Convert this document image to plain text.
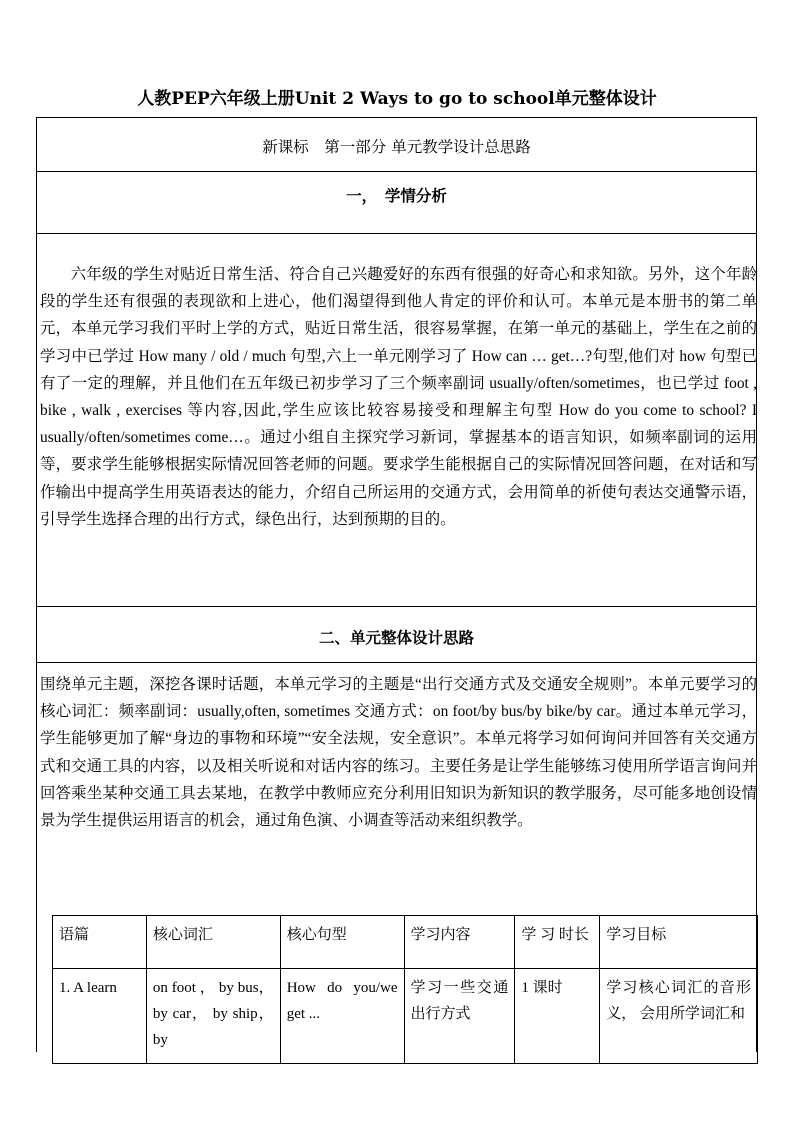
人教PEP六年级上册Unit 2 Ways to go to school单元整体设计
新课标　第一部分 单元教学设计总思路
一，　学情分析

六年级的学生对贴近日常生活、符合自己兴趣爱好的东西有很强的好奇心和求知欲。另外，这个年龄段的学生还有很强的表现欲和上进心，他们渴望得到他人肯定的评价和认可。本单元是本册书的第二单元，本单元学习我们平时上学的方式，贴近日常生活，很容易掌握，在第一单元的基础上，学生在之前的学习中已学过 How many / old / much 句型,六上一单元刚学习了 How can … get…?句型,他们对 how 句型已有了一定的理解，并且他们在五年级已初步学习了三个频率副词 usually/often/sometimes，也已学过 foot , bike , walk , exercises 等内容,因此,学生应该比较容易接受和理解主句型 How do you come to school? I usually/often/sometimes come…。通过小组自主探究学习新词，掌握基本的语言知识，如频率副词的运用等，要求学生能够根据实际情况回答老师的问题。要求学生能根据自己的实际情况回答问题，在对话和写作输出中提高学生用英语表达的能力，介绍自己所运用的交通方式，会用简单的祈使句表达交通警示语，引导学生选择合理的出行方式，绿色出行，达到预期的目的。

二、单元整体设计思路

围绕单元主题，深挖各课时话题，本单元学习的主题是“出行交通方式及交通安全规则”。本单元要学习的核心词汇：频率副词：usually,often, sometimes 交通方式：on foot/by bus/by bike/by car。通过本单元学习，学生能够更加了解“身边的事物和环境”“安全法规，安全意识”。本单元将学习如何询问并回答有关交通方式和交通工具的内容，以及相关听说和对话内容的练习。主要任务是让学生能够练习使用所学语言询问并回答乘坐某种交通工具去某地，在教学中教师应充分利用旧知识为新知识的教学服务，尽可能多地创设情景为学生提供运用语言的机会，通过角色演、小调查等活动来组织教学。

语篇	核心词汇	核心句型	学习内容	学 习 时长	学习目标
1. A learn	on foot ， by bus， by car， by ship， by	How do you/we get ...	学习一些交通出行方式	1 课时	学习核心词汇的音形义， 会用所学词汇和
